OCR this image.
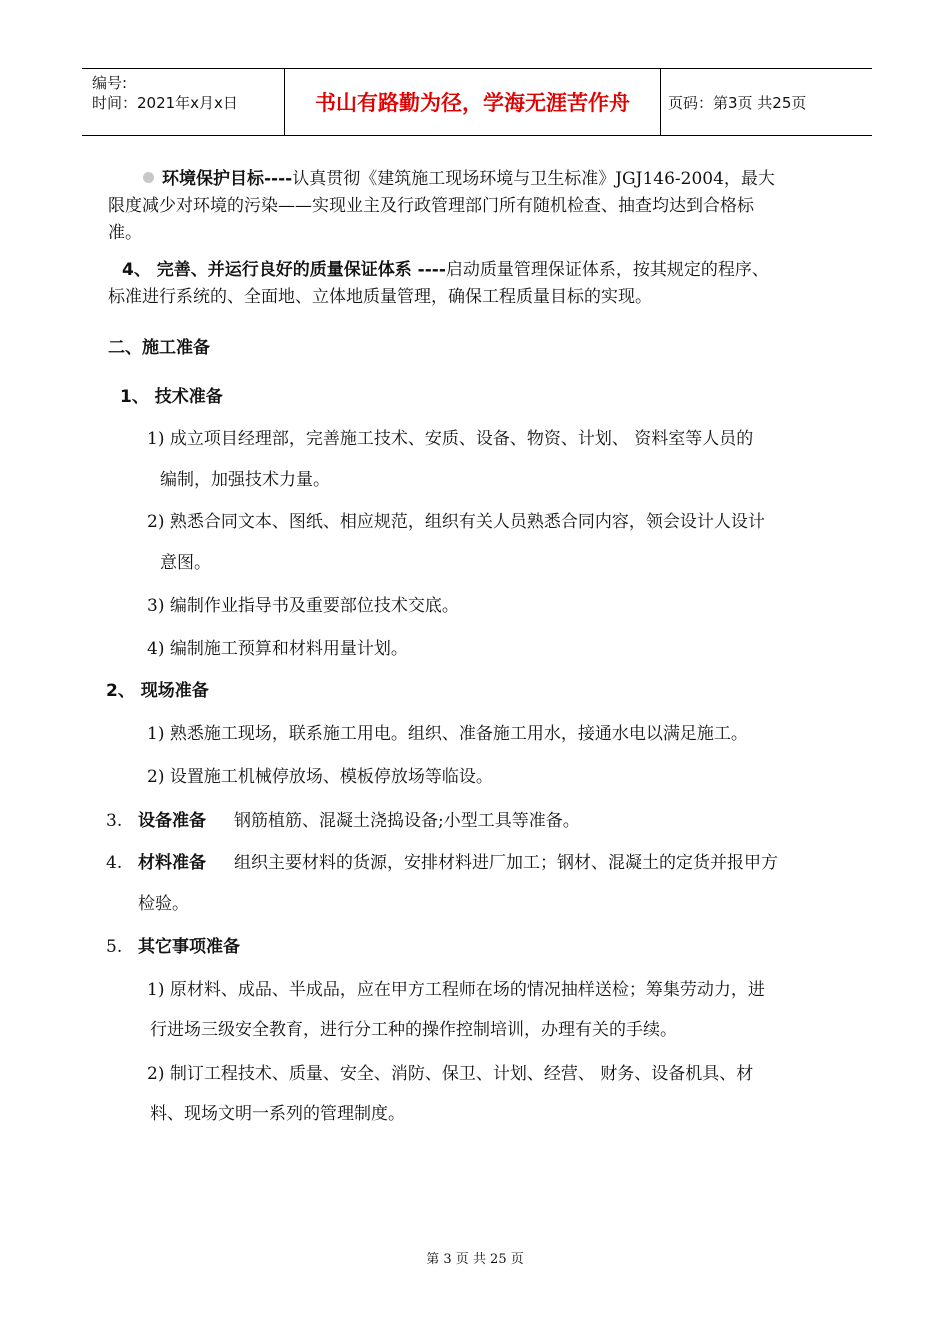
编号:
时间：2021年x月x日	书山有路勤为径，学海无涯苦作舟	页码：第3页 共25页
环境保护目标----认真贯彻《建筑施工现场环境与卫生标准》JGJ146-2004，最大
限度减少对环境的污染——实现业主及行政管理部门所有随机检查、抽查均达到合格标
准。
4、 完善、并运行良好的质量保证体系 ----启动质量管理保证体系，按其规定的程序、
标准进行系统的、全面地、立体地质量管理，确保工程质量目标的实现。
二、施工准备
1、 技术准备
1) 成立项目经理部，完善施工技术、安质、设备、物资、计划、 资料室等人员的
编制，加强技术力量。
2) 熟悉合同文本、图纸、相应规范，组织有关人员熟悉合同内容，领会设计人设计
意图。
3) 编制作业指导书及重要部位技术交底。
4) 编制施工预算和材料用量计划。
2、 现场准备
1) 熟悉施工现场，联系施工用电。组织、准备施工用水，接通水电以满足施工。
2) 设置施工机械停放场、模板停放场等临设。
3. 设备准备 钢筋植筋、混凝土浇捣设备;小型工具等准备。
4. 材料准备 组织主要材料的货源，安排材料进厂加工；钢材、混凝土的定货并报甲方
检验。
5. 其它事项准备
1) 原材料、成品、半成品，应在甲方工程师在场的情况抽样送检；筹集劳动力，进
行进场三级安全教育，进行分工种的操作控制培训，办理有关的手续。
2) 制订工程技术、质量、安全、消防、保卫、计划、经营、 财务、设备机具、材
料、现场文明一系列的管理制度。
第 3 页 共 25 页
